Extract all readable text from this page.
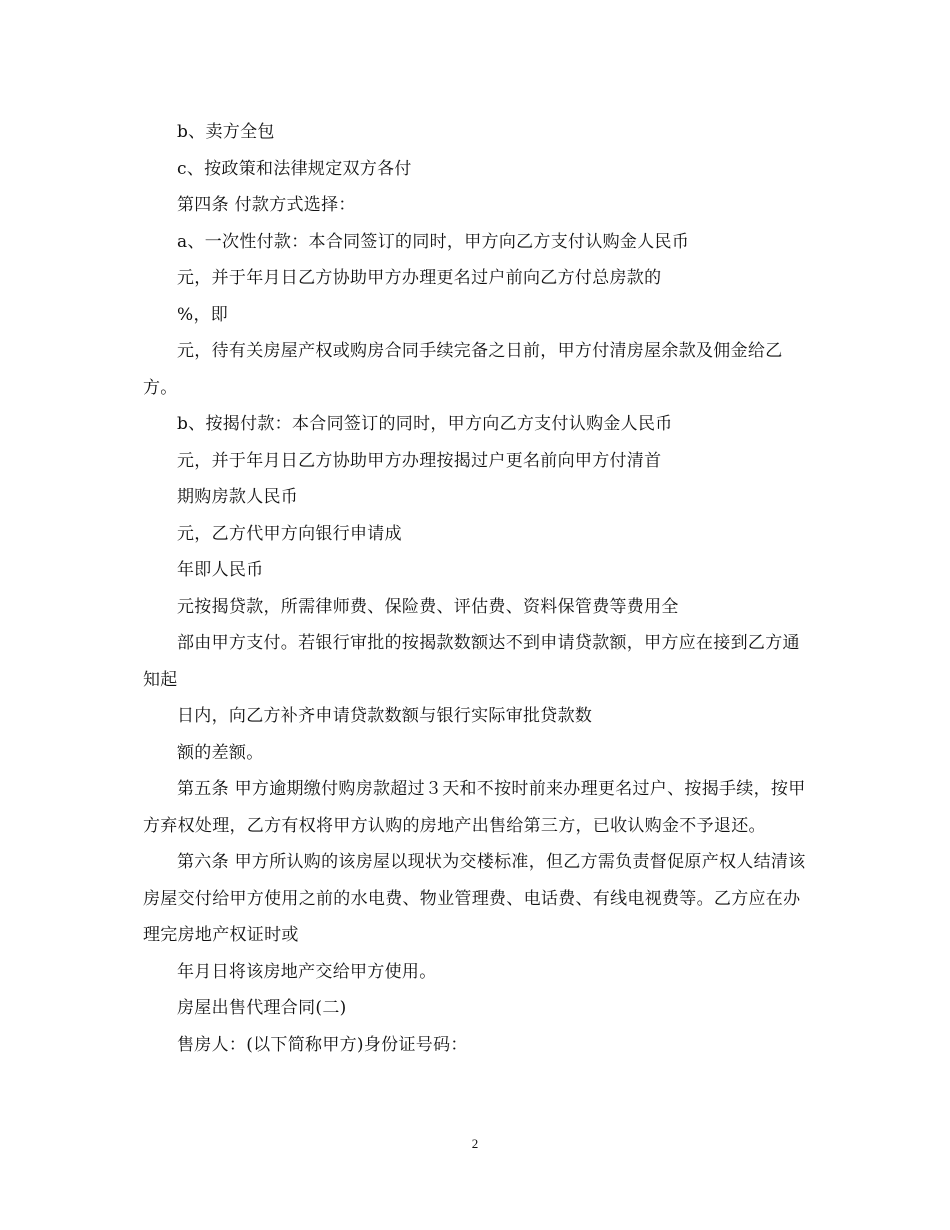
b、卖方全包

c、按政策和法律规定双方各付

第四条 付款方式选择：

a、一次性付款：本合同签订的同时，甲方向乙方支付认购金人民币

元，并于年月日乙方协助甲方办理更名过户前向乙方付总房款的

%，即

元，待有关房屋产权或购房合同手续完备之日前，甲方付清房屋余款及佣金给乙方。

b、按揭付款：本合同签订的同时，甲方向乙方支付认购金人民币

元，并于年月日乙方协助甲方办理按揭过户更名前向甲方付清首

期购房款人民币

元，乙方代甲方向银行申请成

年即人民币

元按揭贷款，所需律师费、保险费、评估费、资料保管费等费用全

部由甲方支付。若银行审批的按揭款数额达不到申请贷款额，甲方应在接到乙方通知起

日内，向乙方补齐申请贷款数额与银行实际审批贷款数

额的差额。

第五条 甲方逾期缴付购房款超过３天和不按时前来办理更名过户、按揭手续，按甲方弃权处理，乙方有权将甲方认购的房地产出售给第三方，已收认购金不予退还。

第六条 甲方所认购的该房屋以现状为交楼标准，但乙方需负责督促原产权人结清该房屋交付给甲方使用之前的水电费、物业管理费、电话费、有线电视费等。乙方应在办理完房地产权证时或

年月日将该房地产交给甲方使用。

房屋出售代理合同(二)

售房人：(以下简称甲方)身份证号码：

2
